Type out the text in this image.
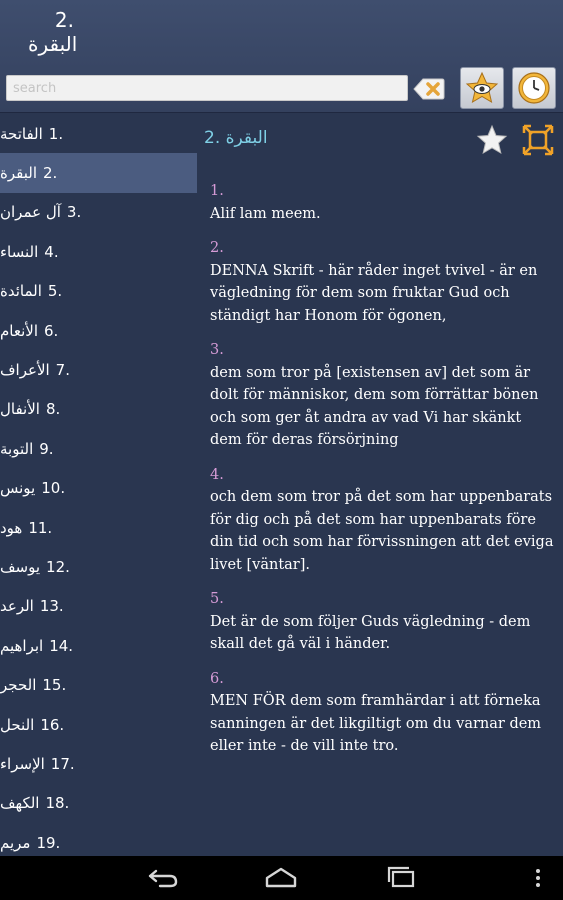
2.
البقرة
search
1.
الفاتحة
2.
البقرة
3.
آل عمران
4.
النساء
5.
المائدة
6.
الأنعام
7.
الأعراف
8.
الأنفال
9.
التوبة
10.
يونس
11.
هود
12.
يوسف
13.
الرعد
14.
ابراهيم
15.
الحجر
16.
النحل
17.
الإسراء
18.
الكهف
19.
مريم
2. البقرة
1.
Alif lam meem.
2.
DENNA Skrift - här råder inget tvivel - är en vägledning för dem som fruktar Gud och ständigt har Honom för ögonen,
3.
dem som tror på [existensen av] det som är dolt för människor, dem som förrättar bönen och som ger åt andra av vad Vi har skänkt dem för deras försörjning
4.
och dem som tror på det som har uppenbarats för dig och på det som har uppenbarats före din tid och som har förvissningen att det eviga livet [väntar].
5.
Det är de som följer Guds vägledning - dem skall det gå väl i händer.
6.
MEN FÖR dem som framhärdar i att förneka sanningen är det likgiltigt om du varnar dem eller inte - de vill inte tro.
